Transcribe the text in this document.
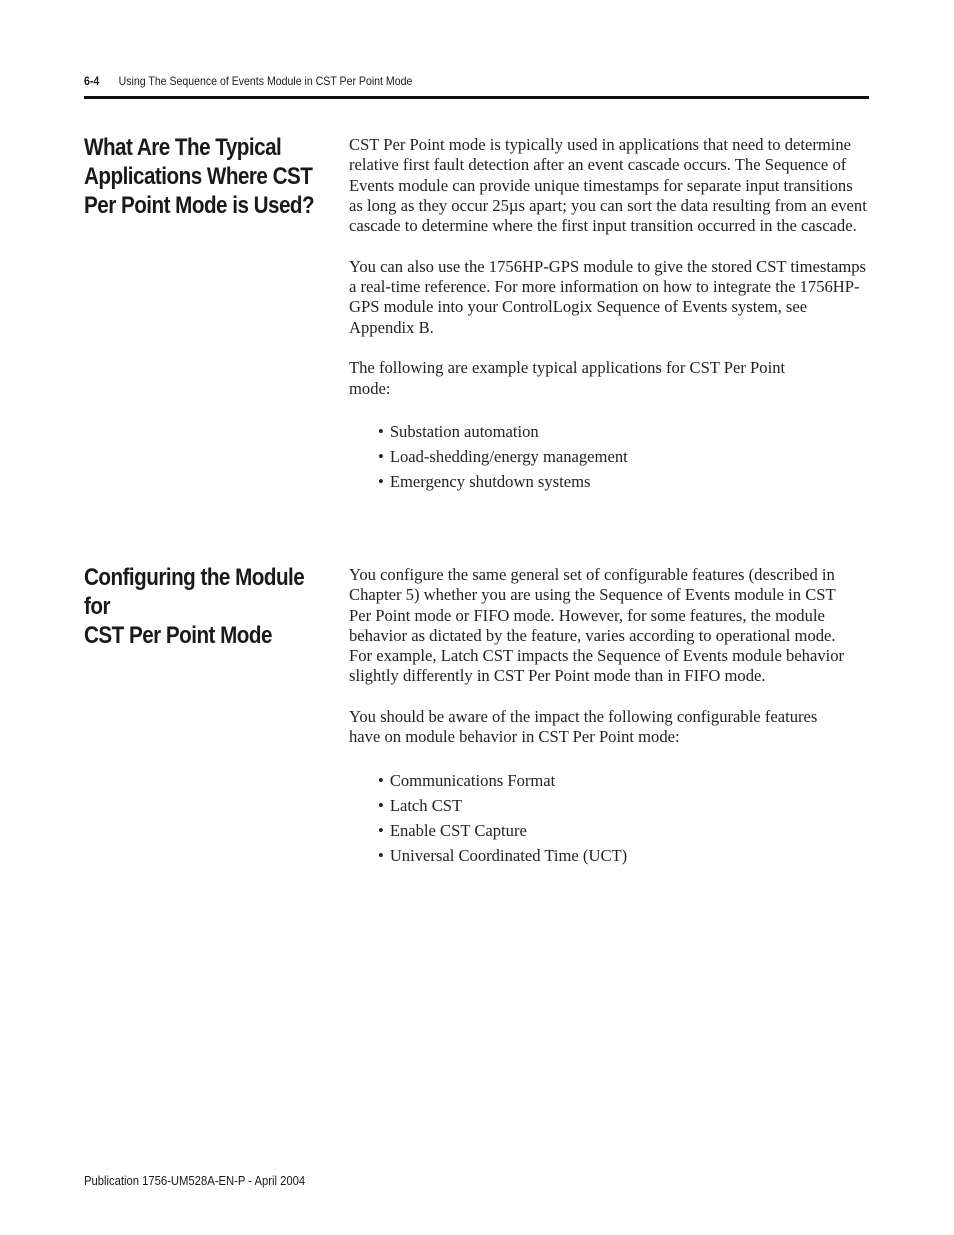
6-4 Using The Sequence of Events Module in CST Per Point Mode
What Are The Typical
Applications Where CST
Per Point Mode is Used?

CST Per Point mode is typically used in applications that need to determine relative first fault detection after an event cascade occurs. The Sequence of Events module can provide unique timestamps for separate input transitions as long as they occur 25µs apart; you can sort the data resulting from an event cascade to determine where the first input transition occurred in the cascade.

You can also use the 1756HP-GPS module to give the stored CST timestamps a real-time reference. For more information on how to integrate the 1756HP-GPS module into your ControlLogix Sequence of Events system, see Appendix B.

The following are example typical applications for CST Per Point mode:

• Substation automation
• Load-shedding/energy management
• Emergency shutdown systems
Configuring the Module for
CST Per Point Mode

You configure the same general set of configurable features (described in Chapter 5) whether you are using the Sequence of Events module in CST Per Point mode or FIFO mode. However, for some features, the module behavior as dictated by the feature, varies according to operational mode. For example, Latch CST impacts the Sequence of Events module behavior slightly differently in CST Per Point mode than in FIFO mode.

You should be aware of the impact the following configurable features have on module behavior in CST Per Point mode:

• Communications Format
• Latch CST
• Enable CST Capture
• Universal Coordinated Time (UCT)
Publication 1756-UM528A-EN-P - April 2004
